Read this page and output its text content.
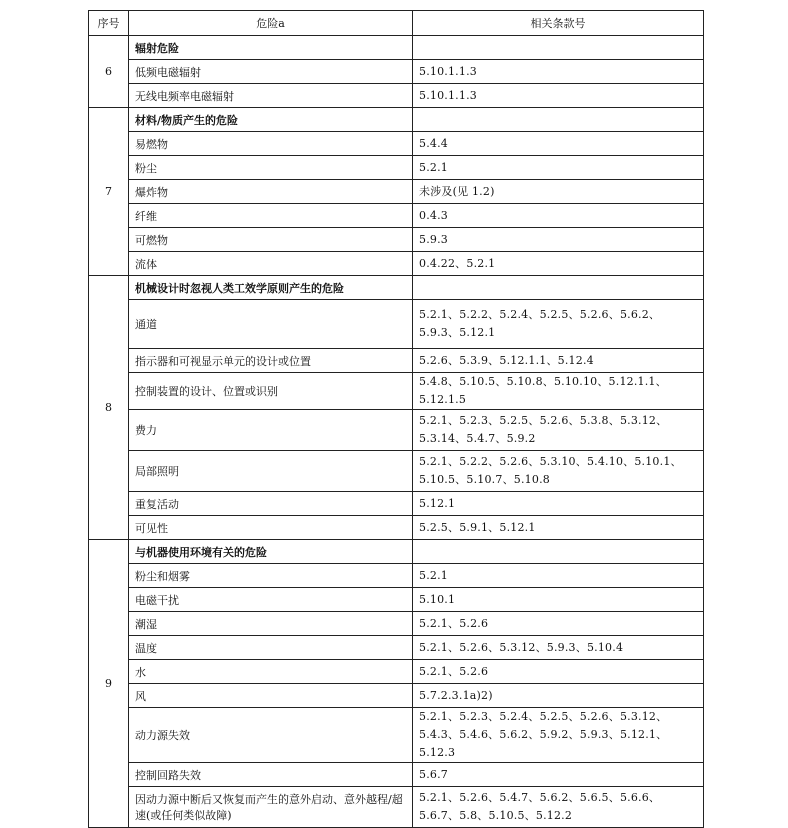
序号	危险a	相关条款号
6	辐射危险	
	低频电磁辐射	5.10.1.1.3
	无线电频率电磁辐射	5.10.1.1.3
7	材料/物质产生的危险	
	易燃物	5.4.4
	粉尘	5.2.1
	爆炸物	未涉及(见 1.2)
	纤维	0.4.3
	可燃物	5.9.3
	流体	0.4.22、5.2.1
8	机械设计时忽视人类工效学原则产生的危险	
	通道	5.2.1、5.2.2、5.2.4、5.2.5、5.2.6、5.6.2、5.9.3、5.12.1
	指示器和可视显示单元的设计或位置	5.2.6、5.3.9、5.12.1.1、5.12.4
	控制装置的设计、位置或识别	5.4.8、5.10.5、5.10.8、5.10.10、5.12.1.1、5.12.1.5
	费力	5.2.1、5.2.3、5.2.5、5.2.6、5.3.8、5.3.12、5.3.14、5.4.7、5.9.2
	局部照明	5.2.1、5.2.2、5.2.6、5.3.10、5.4.10、5.10.1、5.10.5、5.10.7、5.10.8
	重复活动	5.12.1
	可见性	5.2.5、5.9.1、5.12.1
9	与机器使用环境有关的危险	
	粉尘和烟雾	5.2.1
	电磁干扰	5.10.1
	潮湿	5.2.1、5.2.6
	温度	5.2.1、5.2.6、5.3.12、5.9.3、5.10.4
	水	5.2.1、5.2.6
	风	5.7.2.3.1a)2)
	动力源失效	5.2.1、5.2.3、5.2.4、5.2.5、5.2.6、5.3.12、5.4.3、5.4.6、5.6.2、5.9.2、5.9.3、5.12.1、5.12.3
	控制回路失效	5.6.7
	因动力源中断后又恢复而产生的意外启动、意外越程/超速(或任何类似故障)	5.2.1、5.2.6、5.4.7、5.6.2、5.6.5、5.6.6、5.6.7、5.8、5.10.5、5.12.2
